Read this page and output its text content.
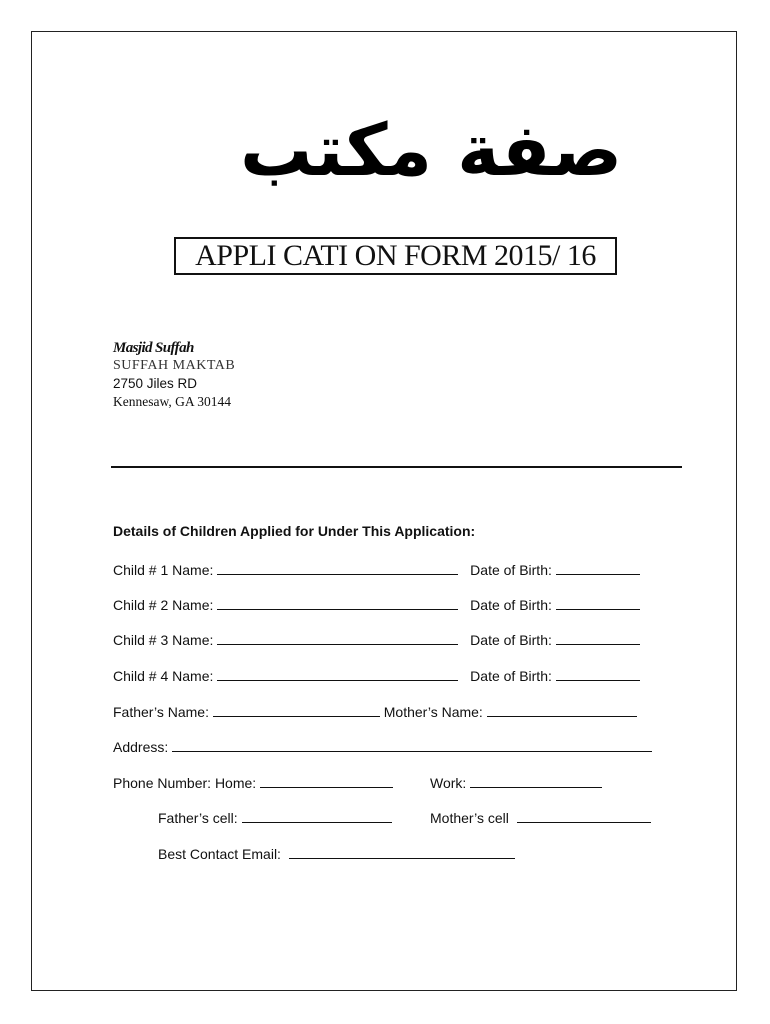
صفة مكتب
APPLI CATI ON FORM 2015/ 16
Masjid Suffah
SUFFAH MAKTAB
2750 Jiles RD
Kennesaw, GA 30144
Details of Children Applied for Under This Application:
Child # 1 Name:	Date of Birth:
Child # 2 Name:	Date of Birth:
Child # 3 Name:	Date of Birth:
Child # 4 Name:	Date of Birth:
Father’s Name:	Mother’s Name:
Address:
Phone Number: Home:	Work:
Father’s cell:	Mother’s cell
Best Contact Email:
